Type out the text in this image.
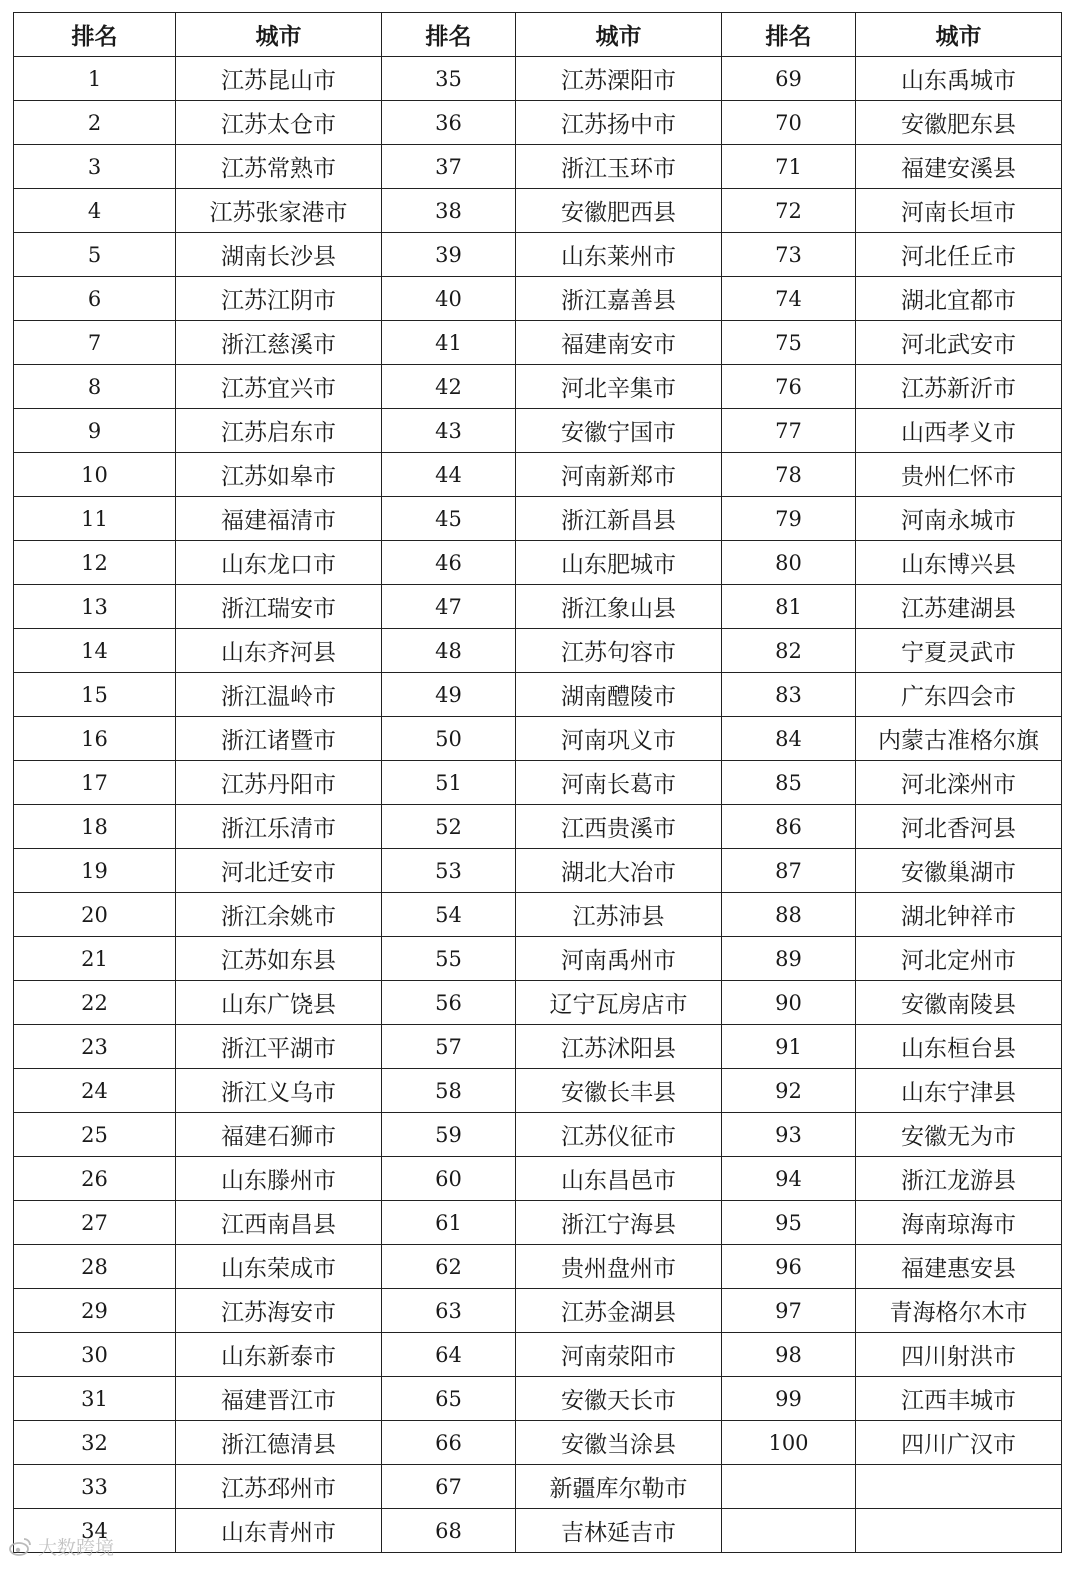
排名	城市	排名	城市	排名	城市
1	江苏昆山市	35	江苏溧阳市	69	山东禹城市
2	江苏太仓市	36	江苏扬中市	70	安徽肥东县
3	江苏常熟市	37	浙江玉环市	71	福建安溪县
4	江苏张家港市	38	安徽肥西县	72	河南长垣市
5	湖南长沙县	39	山东莱州市	73	河北任丘市
6	江苏江阴市	40	浙江嘉善县	74	湖北宜都市
7	浙江慈溪市	41	福建南安市	75	河北武安市
8	江苏宜兴市	42	河北辛集市	76	江苏新沂市
9	江苏启东市	43	安徽宁国市	77	山西孝义市
10	江苏如皋市	44	河南新郑市	78	贵州仁怀市
11	福建福清市	45	浙江新昌县	79	河南永城市
12	山东龙口市	46	山东肥城市	80	山东博兴县
13	浙江瑞安市	47	浙江象山县	81	江苏建湖县
14	山东齐河县	48	江苏句容市	82	宁夏灵武市
15	浙江温岭市	49	湖南醴陵市	83	广东四会市
16	浙江诸暨市	50	河南巩义市	84	内蒙古准格尔旗
17	江苏丹阳市	51	河南长葛市	85	河北滦州市
18	浙江乐清市	52	江西贵溪市	86	河北香河县
19	河北迁安市	53	湖北大冶市	87	安徽巢湖市
20	浙江余姚市	54	江苏沛县	88	湖北钟祥市
21	江苏如东县	55	河南禹州市	89	河北定州市
22	山东广饶县	56	辽宁瓦房店市	90	安徽南陵县
23	浙江平湖市	57	江苏沭阳县	91	山东桓台县
24	浙江义乌市	58	安徽长丰县	92	山东宁津县
25	福建石狮市	59	江苏仪征市	93	安徽无为市
26	山东滕州市	60	山东昌邑市	94	浙江龙游县
27	江西南昌县	61	浙江宁海县	95	海南琼海市
28	山东荣成市	62	贵州盘州市	96	福建惠安县
29	江苏海安市	63	江苏金湖县	97	青海格尔木市
30	山东新泰市	64	河南荥阳市	98	四川射洪市
31	福建晋江市	65	安徽天长市	99	江西丰城市
32	浙江德清县	66	安徽当涂县	100	四川广汉市
33	江苏邳州市	67	新疆库尔勒市		
34	山东青州市	68	吉林延吉市		
大数跨境
